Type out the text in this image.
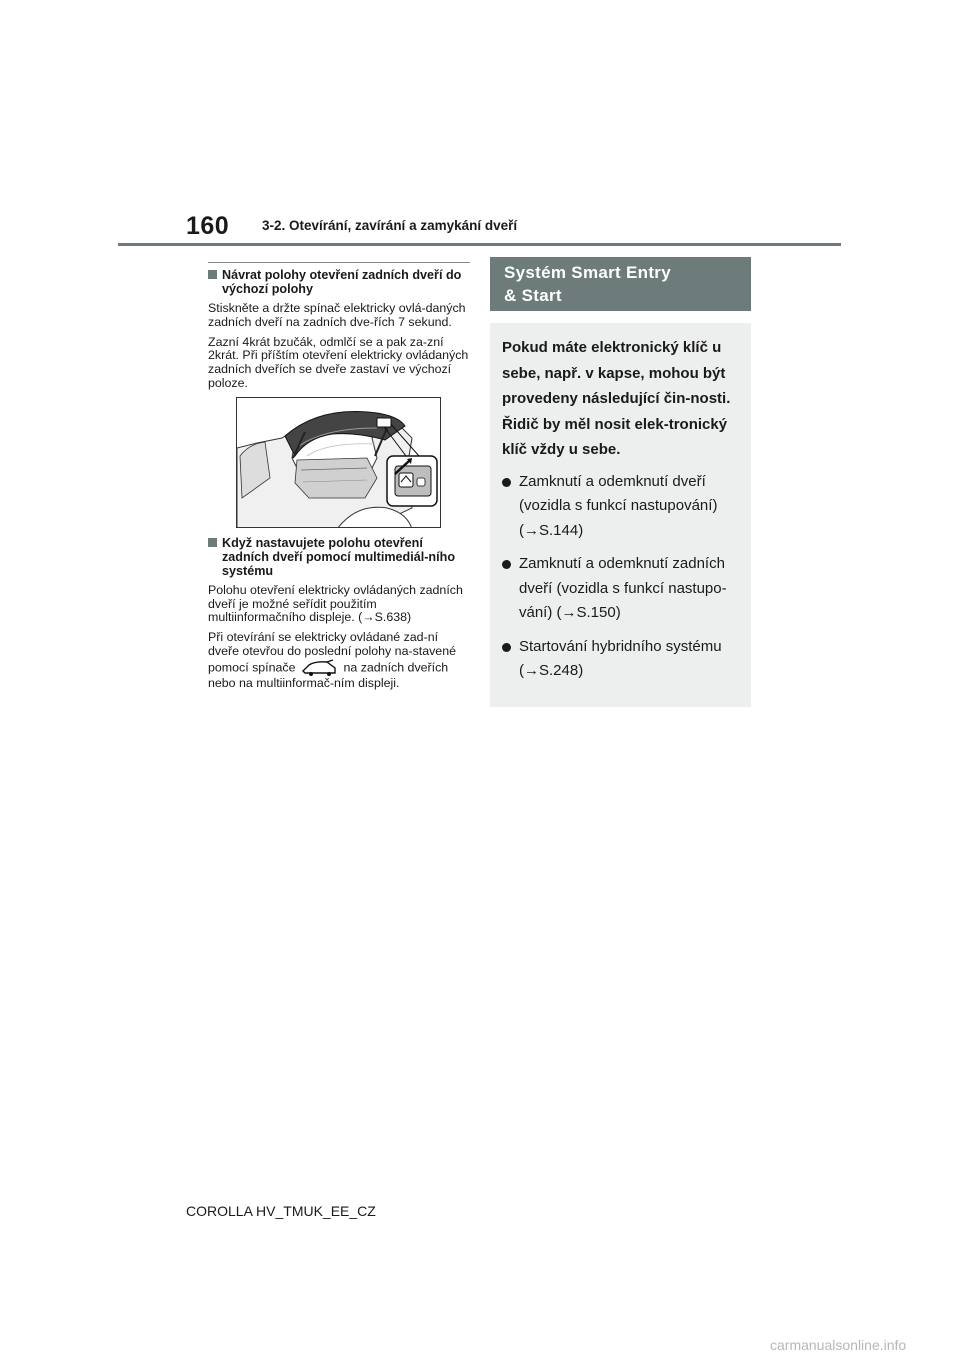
160 3-2. Otevírání, zavírání a zamykání dveří
Návrat polohy otevření zadních dveří do výchozí polohy

Stiskněte a držte spínač elektricky ovlá-daných zadních dveří na zadních dve-řích 7 sekund.

Zazní 4krát bzučák, odmlčí se a pak za-zní 2krát. Při příštím otevření elektricky ovládaných zadních dveřích se dveře zastaví ve výchozí poloze.

Když nastavujete polohu otevření zadních dveří pomocí multimediál-ního systému

Polohu otevření elektricky ovládaných zadních dveří je možné seřídit použitím multiinformačního displeje. (→S.638)

Při otevírání se elektricky ovládané zad-ní dveře otevřou do poslední polohy na-stavené pomocí spínače	na zadních dveřích nebo na multiinformač-ním displeji.

Systém Smart Entry
& Start

Pokud máte elektronický klíč u sebe, např. v kapse, mohou být provedeny následující čin-nosti. Řidič by měl nosit elek-tronický klíč vždy u sebe.

Zamknutí a odemknutí dveří (vozidla s funkcí nastupování) (→S.144)
Zamknutí a odemknutí zadních dveří (vozidla s funkcí nastupo-vání) (→S.150)
Startování hybridního systému (→S.248)
COROLLA HV_TMUK_EE_CZ
carmanualsonline.info
